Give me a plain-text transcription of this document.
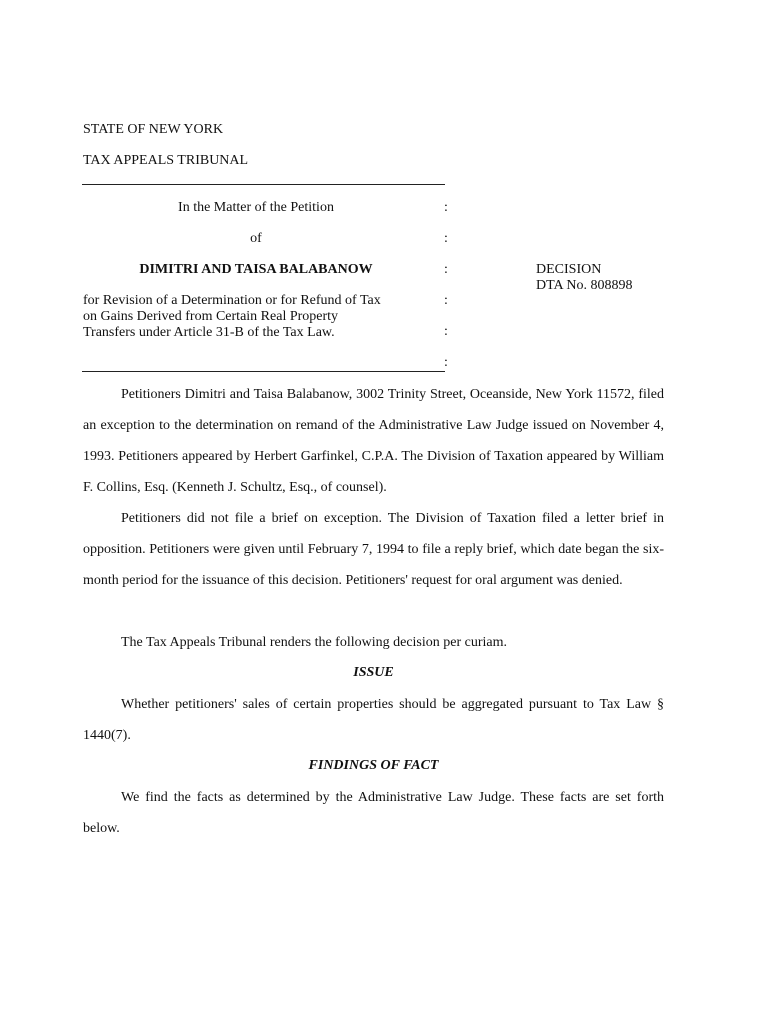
STATE OF NEW YORK
TAX APPEALS TRIBUNAL
In the Matter of the Petition
of
DIMITRI AND TAISA BALABANOW
for Revision of a Determination or for Refund of Tax on Gains Derived from Certain Real Property Transfers under Article 31-B of the Tax Law.
:
:
:
:
:
:
DECISION
DTA No. 808898
Petitioners Dimitri and Taisa Balabanow, 3002 Trinity Street, Oceanside, New York 11572, filed an exception to the determination on remand of the Administrative Law Judge issued on November 4, 1993. Petitioners appeared by Herbert Garfinkel, C.P.A. The Division of Taxation appeared by William F. Collins, Esq. (Kenneth J. Schultz, Esq., of counsel).
Petitioners did not file a brief on exception. The Division of Taxation filed a letter brief in opposition. Petitioners were given until February 7, 1994 to file a reply brief, which date began the six-month period for the issuance of this decision. Petitioners' request for oral argument was denied.
The Tax Appeals Tribunal renders the following decision per curiam.
ISSUE
Whether petitioners' sales of certain properties should be aggregated pursuant to Tax Law § 1440(7).
FINDINGS OF FACT
We find the facts as determined by the Administrative Law Judge. These facts are set forth below.
